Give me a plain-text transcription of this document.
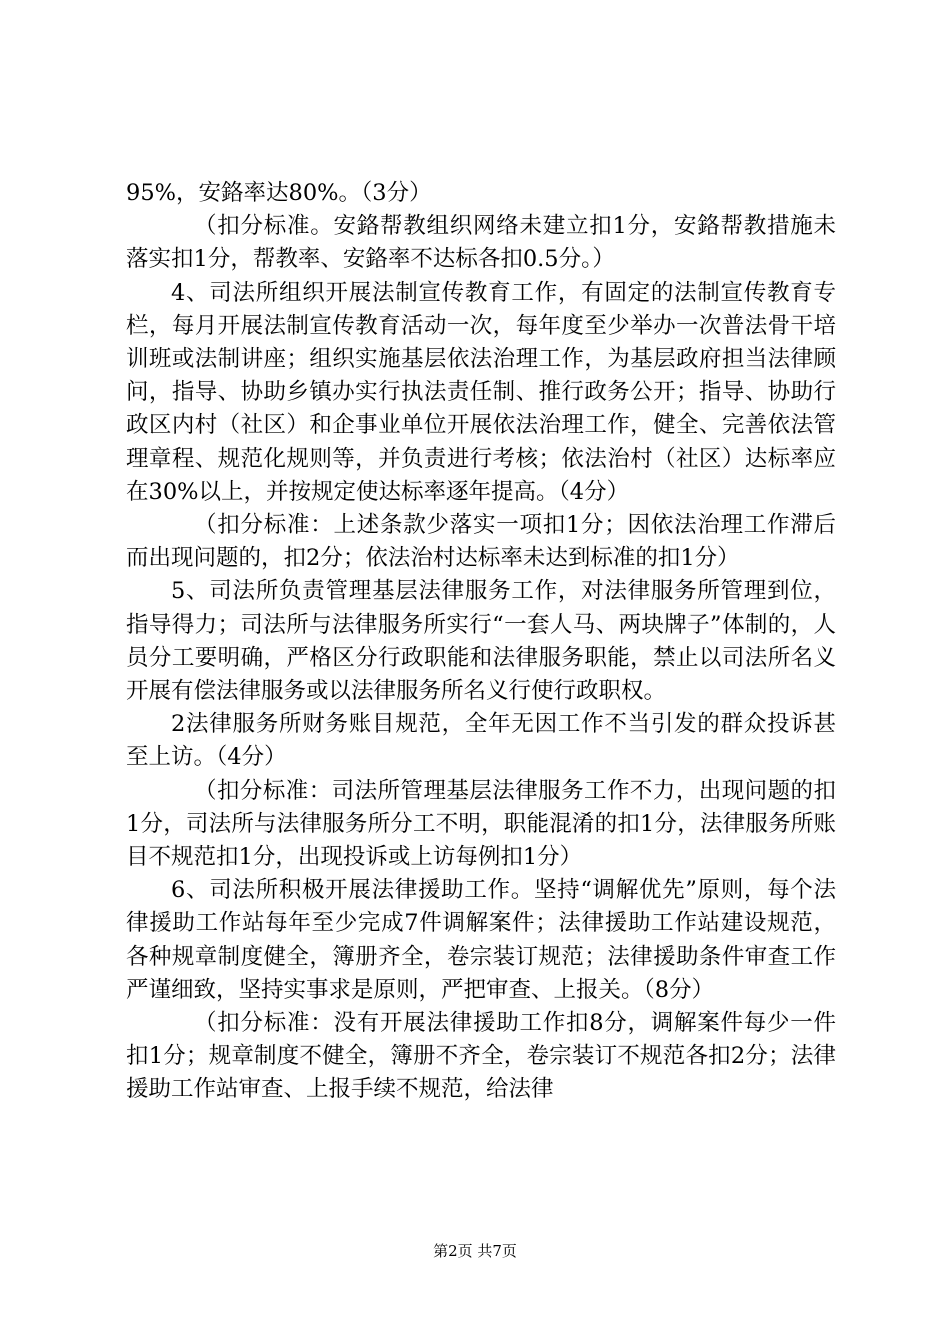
95%，安鉻率达80%。（3分）

（扣分标准。安鉻帮教组织网络未建立扣1分，安鉻帮教措施未落实扣1分，帮教率、安鉻率不达标各扣0.5分。）

4、司法所组织开展法制宣传教育工作，有固定的法制宣传教育专栏，每月开展法制宣传教育活动一次，每年度至少举办一次普法骨干培训班或法制讲座；组织实施基层依法治理工作，为基层政府担当法律顾问，指导、协助乡镇办实行执法责任制、推行政务公开；指导、协助行政区内村（社区）和企事业单位开展依法治理工作，健全、完善依法管理章程、规范化规则等，并负责进行考核；依法治村（社区）达标率应在30%以上，并按规定使达标率逐年提高。（4分）

（扣分标准：上述条款少落实一项扣1分；因依法治理工作滞后而出现问题的，扣2分；依法治村达标率未达到标准的扣1分）

5、司法所负责管理基层法律服务工作，对法律服务所管理到位，指导得力；司法所与法律服务所实行“一套人马、两块牌子”体制的，人员分工要明确，严格区分行政职能和法律服务职能，禁止以司法所名义开展有偿法律服务或以法律服务所名义行使行政职权。

2法律服务所财务账目规范，全年无因工作不当引发的群众投诉甚至上访。（4分）

（扣分标准：司法所管理基层法律服务工作不力，出现问题的扣1分，司法所与法律服务所分工不明，职能混淆的扣1分，法律服务所账目不规范扣1分，出现投诉或上访每例扣1分）

6、司法所积极开展法律援助工作。坚持“调解优先”原则，每个法律援助工作站每年至少完成7件调解案件；法律援助工作站建设规范，各种规章制度健全，簿册齐全，卷宗装订规范；法律援助条件审查工作严谨细致，坚持实事求是原则，严把审查、上报关。（8分）

（扣分标准：没有开展法律援助工作扣8分，调解案件每少一件扣1分；规章制度不健全，簿册不齐全，卷宗装订不规范各扣2分；法律援助工作站审查、上报手续不规范，给法律

第2页 共7页
